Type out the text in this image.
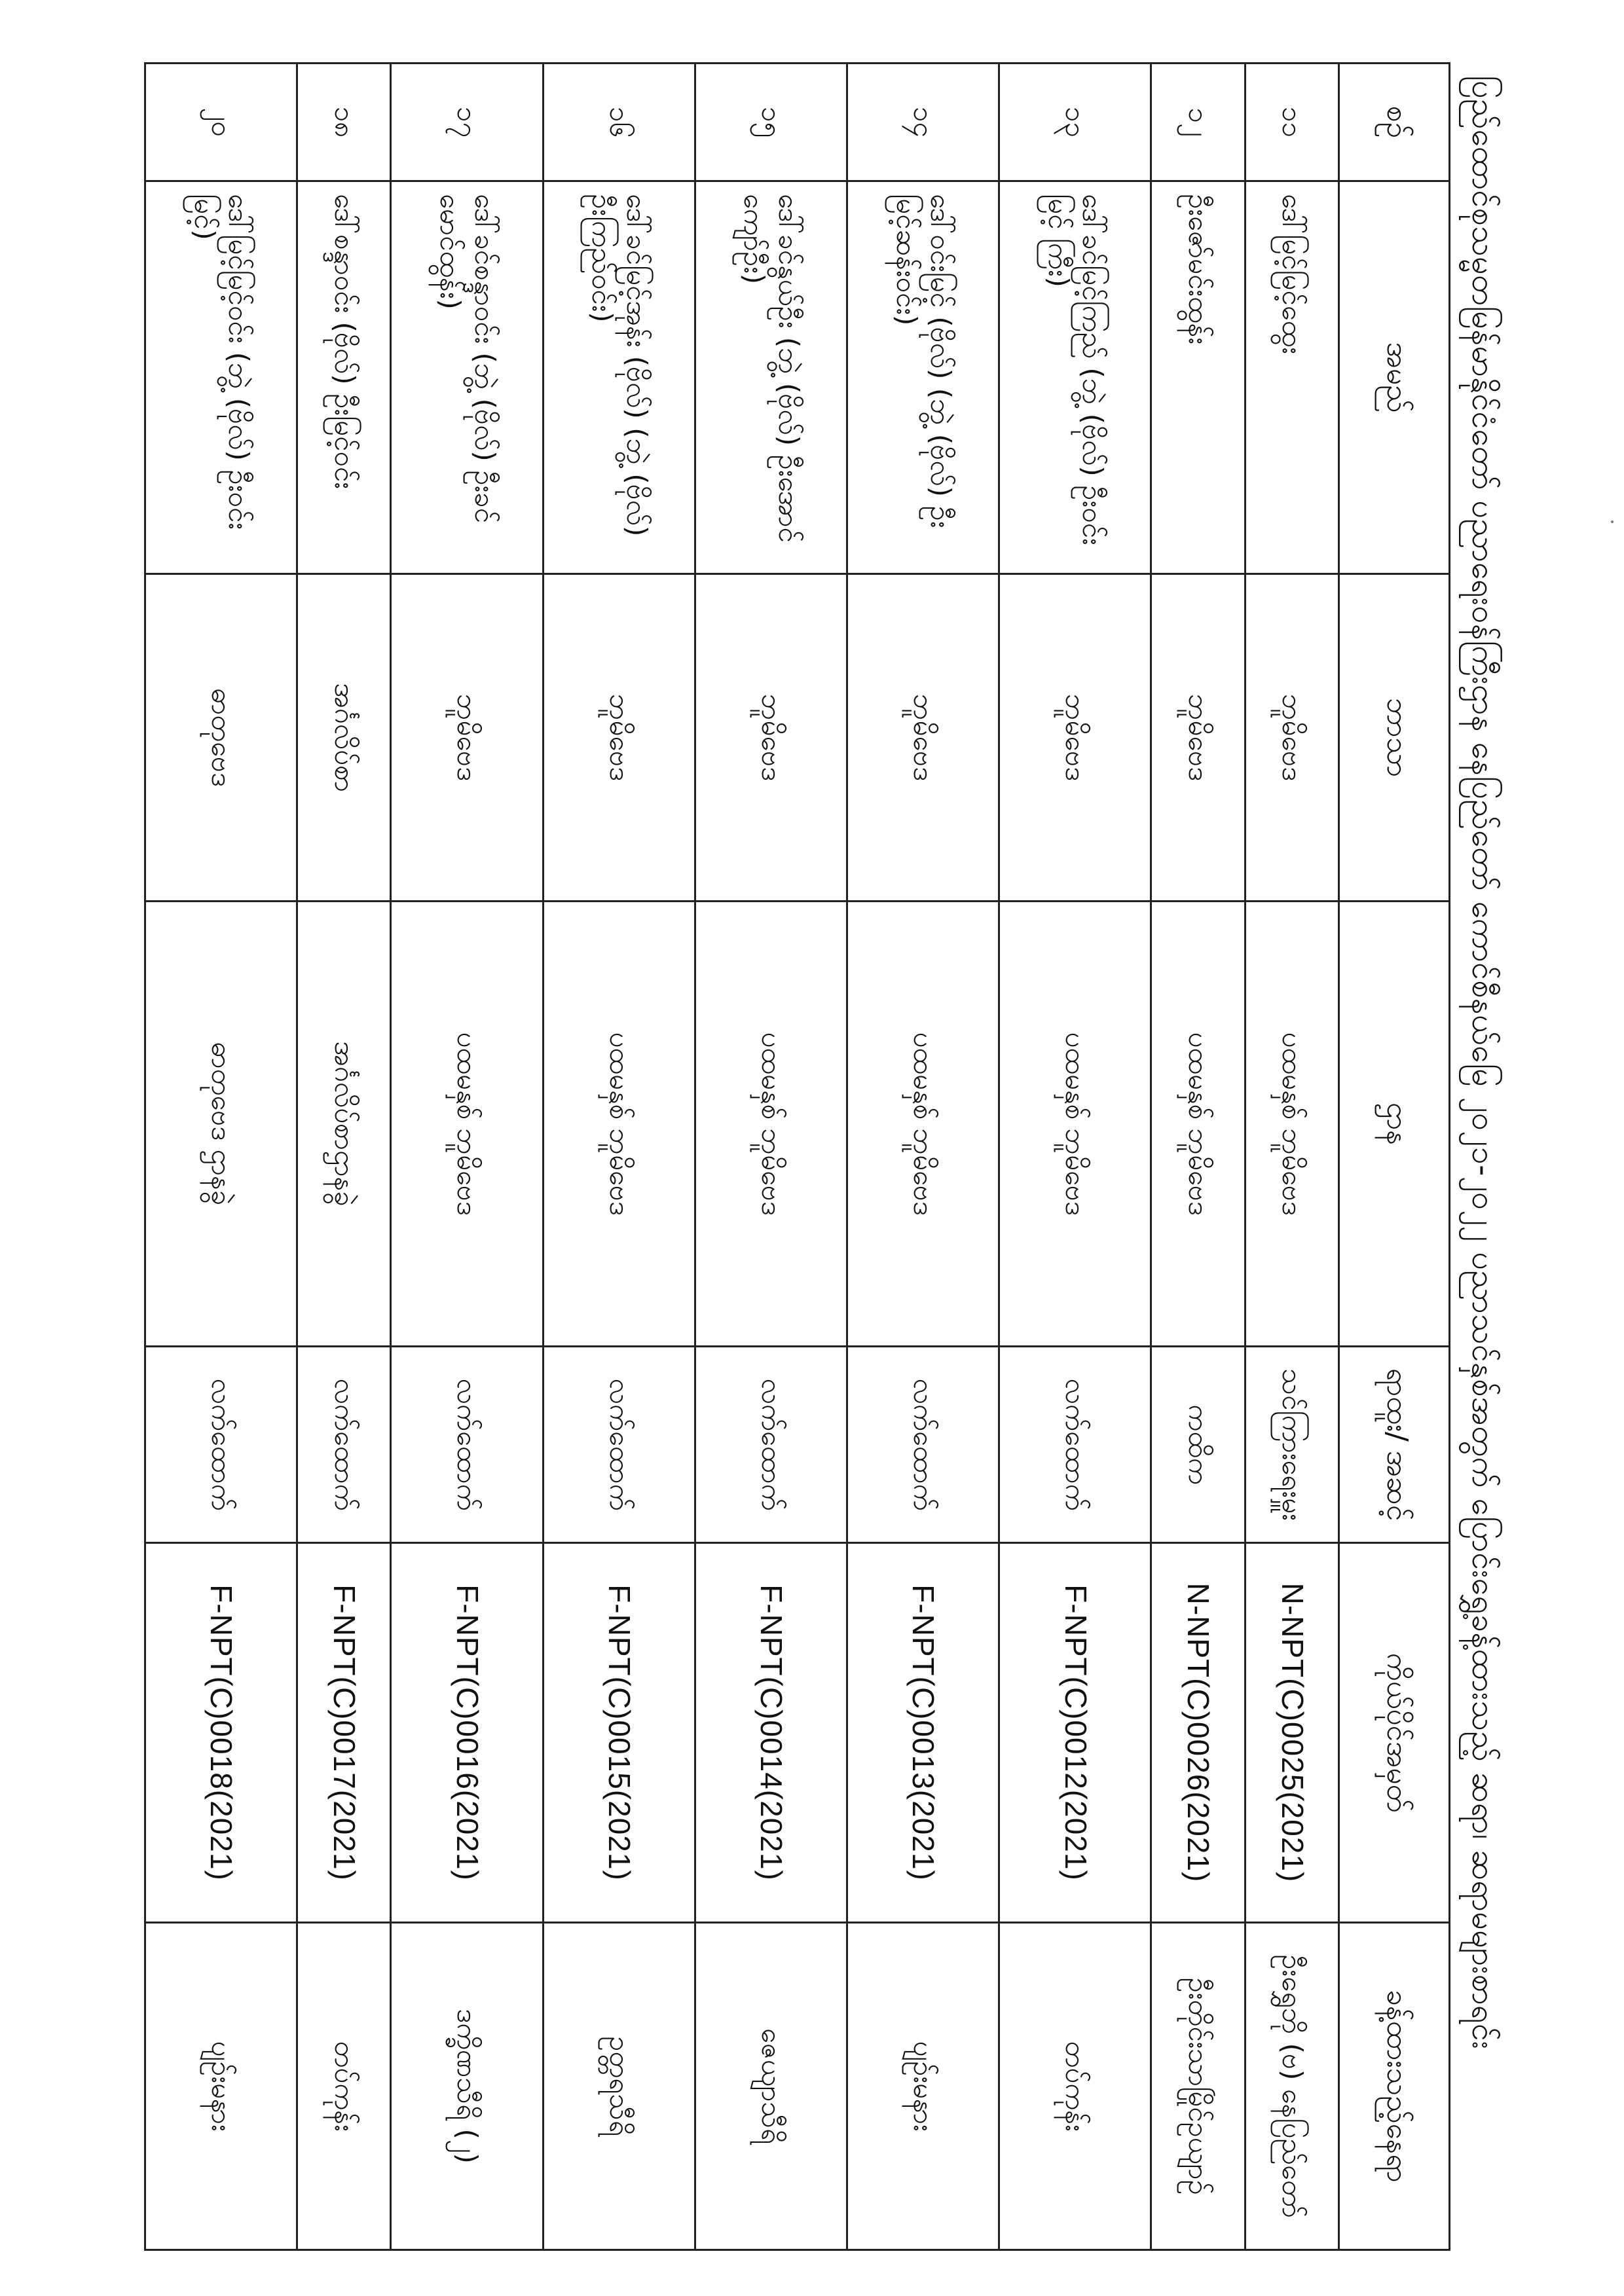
ပြည်ထောင်စုသမ္မတမြန်မာနိုင်ငံတော် ပညာရေးဝန်ကြီးဌာန နေပြည်တော် ကောင်စီနယ်မြေ ၂၀၂၁-၂၀၂၂ ပညာသင်နှစ်အတွက် ပြောင်းရွှေ့ခန့်ထားသည့် ဆရာ၊ ဆရာမများစာရင်း
စဉ်	အမည်	ဘာသာ	ဌာန	ရာထူး/ အဆင့်	ကိုယ်ပိုင်အမှတ်	ခန့်ထားသည့်နေရာ
၁၁	ဒေါ်မြင့်မြင့်ထွေး	ဘူမိဗေဒ	ပထမနှစ် ဘူမိဗေဒ	သင်ကြားရေးမှူး	N-NPT(C)0025(2021)	ဦးရွှေဘို (ဗ) နေပြည်တော်
၁၂	ဦးဇော်မင်းထွန်း	ဘူမိဗေဒ	ပထမနှစ် ဘူမိဗေဒ	ကထိက	N-NPT(C)0026(2021)	ဦးတိုင်းသာမြိုင်ဥယျာဉ်
၁၃	ဒေါ်ခင်မြင့်ကြည် (ဘွဲ့ (ဗိုလ်) ဦးဝင်းမြင့် ကြီး)	ဘူမိဗေဒ	ပထမနှစ် ဘူမိဗေဒ	လက်ထောက်	F-NPT(C)0012(2021)	တပ်ကုန်း
၁၄	ဒေါ်ဝင်းမြင့် (ဗိုလ်) (ဘွဲ့ (ဗိုလ်) ဦးမြင့်ဆန်းဝင်း)	ဘူမိဗေဒ	ပထမနှစ် ဘူမိဗေဒ	လက်ထောက်	F-NPT(C)0013(2021)	ပျဉ်းမနား
၁၅	ဒေါ်ခင်နွယ်ဦး (ဘွဲ့ (ဗိုလ်) ဦးအောင်ကျော်ဦး)	ဘူမိဗေဒ	ပထမနှစ် ဘူမိဗေဒ	လက်ထောက်	F-NPT(C)0014(2021)	ဇေယျာသီရိ
၁၆	ဒေါ်ခင်မြင့်အုန်း (ဗိုလ်) (ဘွဲ့ (ဗိုလ်) ဦးကြည်ဝင်း)	ဘူမိဗေဒ	ပထမနှစ် ဘူမိဗေဒ	လက်ထောက်	F-NPT(C)0015(2021)	ဥတ္တရသီရိ
၁၇	ဒေါ်ခင်စန္ဒာဝင်း (ဘွဲ့ (ဗိုလ်) ဦးခင်မောင်ထွန်း)	ဘူမိဗေဒ	ပထမနှစ် ဘူမိဗေဒ	လက်ထောက်	F-NPT(C)0016(2021)	ဒက္ခိဏသီရိ (၂)
၁၈	ဒေါ်စန္ဒာဝင်း (ဗိုလ်) ဦးမြင့်ဝင်း	အင်္ဂလိပ်စာ	အင်္ဂလိပ်စာဌာနခွဲ	လက်ထောက်	F-NPT(C)0017(2021)	တပ်ကုန်း
၂၀	ဒေါ်မြင့်မြင့်ဝင်း (ဘွဲ့ (ဗိုလ်) ဦးဝင်းမြင့်)	ဓာတုဗေဒ	ဓာတုဗေဒ ဌာနခွဲ	လက်ထောက်	F-NPT(C)0018(2021)	ပျဉ်းမနား
